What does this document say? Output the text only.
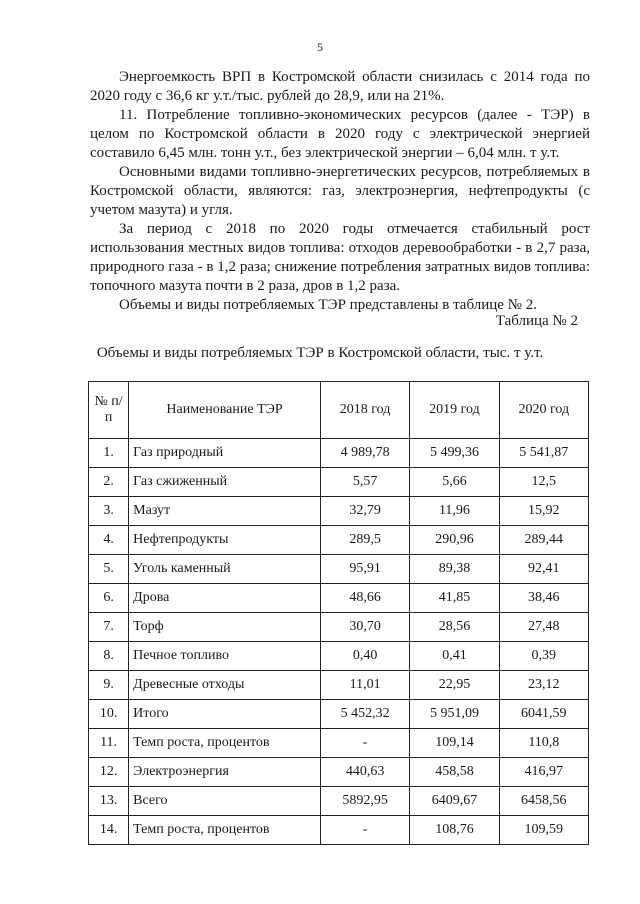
5

Энергоемкость ВРП в Костромской области снизилась с 2014 года по 2020 году с 36,6 кг у.т./тыс. рублей до 28,9, или на 21%.

11. Потребление топливно-экономических ресурсов (далее - ТЭР) в целом по Костромской области в 2020 году с электрической энергией составило 6,45 млн. тонн у.т., без электрической энергии – 6,04 млн. т у.т.

Основными видами топливно-энергетических ресурсов, потребляемых в Костромской области, являются: газ, электроэнергия, нефтепродукты (с учетом мазута) и угля.

За период с 2018 по 2020 годы отмечается стабильный рост использования местных видов топлива: отходов деревообработки - в 2,7 раза, природного газа - в 1,2 раза; снижение потребления затратных видов топлива: топочного мазута почти в 2 раза, дров в 1,2 раза.

Объемы и виды потребляемых ТЭР представлены в таблице № 2.

Таблица № 2
Объемы и виды потребляемых ТЭР в Костромской области, тыс. т у.т.
№ п/п	Наименование ТЭР	2018 год	2019 год	2020 год
1.	Газ природный	4 989,78	5 499,36	5 541,87
2.	Газ сжиженный	5,57	5,66	12,5
3.	Мазут	32,79	11,96	15,92
4.	Нефтепродукты	289,5	290,96	289,44
5.	Уголь каменный	95,91	89,38	92,41
6.	Дрова	48,66	41,85	38,46
7.	Торф	30,70	28,56	27,48
8.	Печное топливо	0,40	0,41	0,39
9.	Древесные отходы	11,01	22,95	23,12
10.	Итого	5 452,32	5 951,09	6041,59
11.	Темп роста, процентов	-	109,14	110,8
12.	Электроэнергия	440,63	458,58	416,97
13.	Всего	5892,95	6409,67	6458,56
14.	Темп роста, процентов	-	108,76	109,59
